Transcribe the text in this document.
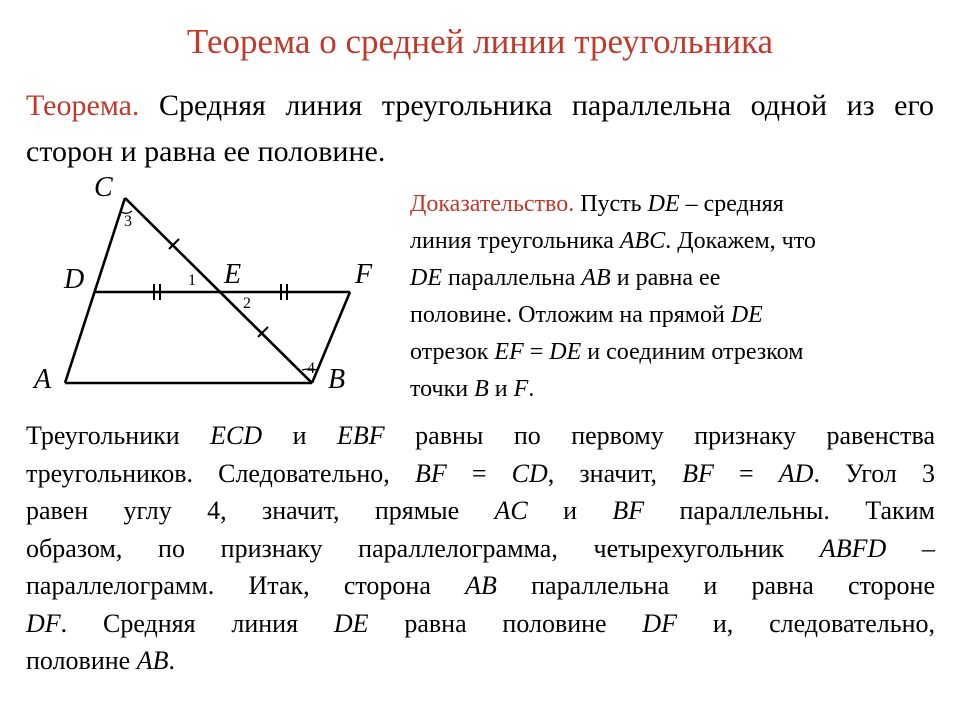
Теорема о средней линии треугольника

Теорема. Средняя линия треугольника параллельна одной из его сторон и равна ее половине.

C
D	E	F
A	B
3
1
2
4
Доказательство. Пусть DE – средняя
линия треугольника ABC. Докажем, что
DE параллельна AB и равна ее
половине. Отложим на прямой DE
отрезок EF = DE и соединим отрезком
точки B и F.
Треугольники ECD и EBF равны по первому признаку равенства
треугольников. Следовательно, BF = CD, значит, BF = AD. Угол 3
равен углу 4, значит, прямые AC и BF параллельны. Таким
образом, по признаку параллелограмма, четырехугольник ABFD –
параллелограмм. Итак, сторона AB параллельна и равна стороне
DF. Средняя линия DE равна половине DF и, следовательно,
половине AB.
